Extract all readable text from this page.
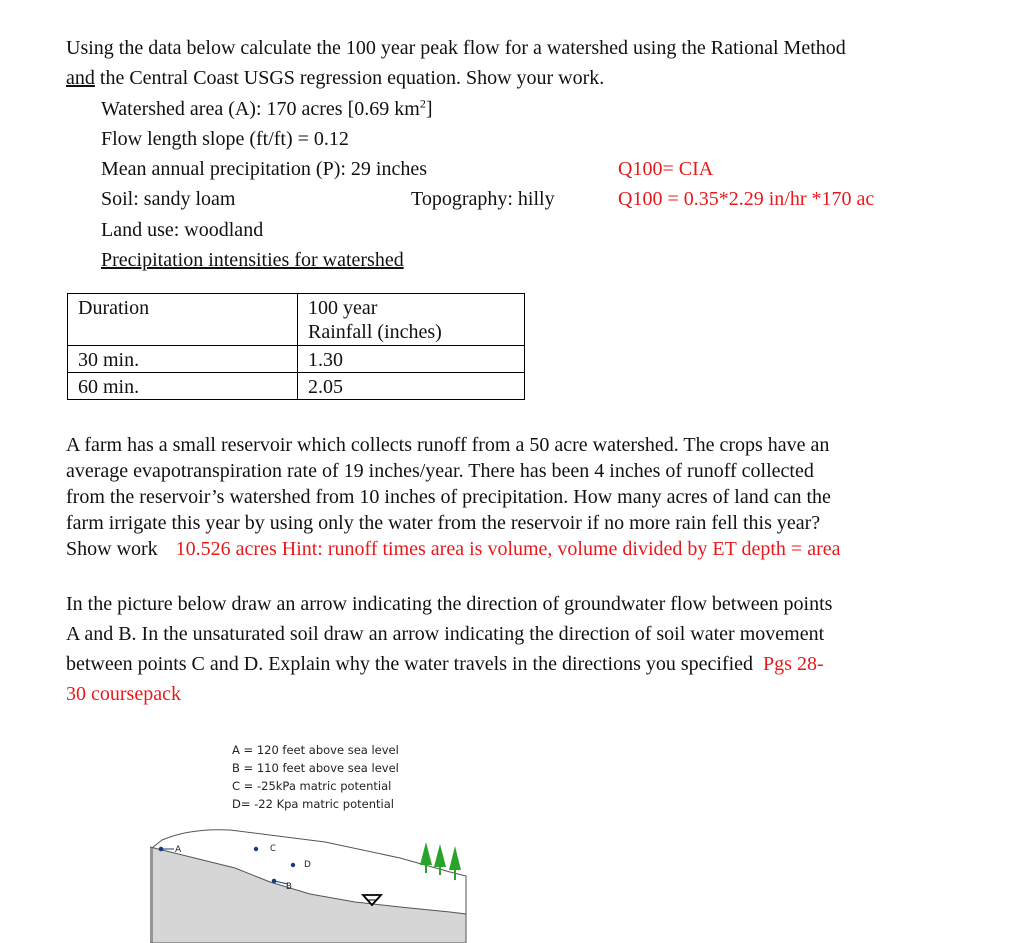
Using the data below calculate the 100 year peak flow for a watershed using the Rational Method
and the Central Coast USGS regression equation. Show your work.
Watershed area (A): 170 acres [0.69 $km^2$]
Flow length slope (ft/ft) = 0.12
Mean annual precipitation (P): 29 inches
Soil: sandy loam	Topography: hilly
Land use: woodland
Precipitation intensities for watershed
Q100= CIA
Q100 = 0.35*2.29 in/hr *170 ac
Duration	100 year
Rainfall (inches)

30 min.	1.30
60 min.	2.05
A farm has a small reservoir which collects runoff from a 50 acre watershed. The crops have an
average evapotranspiration rate of 19 inches/year. There has been 4 inches of runoff collected
from the reservoir’s watershed from 10 inches of precipitation. How many acres of land can the
farm irrigate this year by using only the water from the reservoir if no more rain fell this year?
Show work 10.526 acres Hint: runoff times area is volume, volume divided by ET depth = area
In the picture below draw an arrow indicating the direction of groundwater flow between points
A and B. In the unsaturated soil draw an arrow indicating the direction of soil water movement
between points C and D. Explain why the water travels in the directions you specified Pgs 28-
30 coursepack
A = 120 feet above sea level
B = 110 feet above sea level
C = -25kPa matric potential
D= -22 Kpa matric potential
A	C
D
B
